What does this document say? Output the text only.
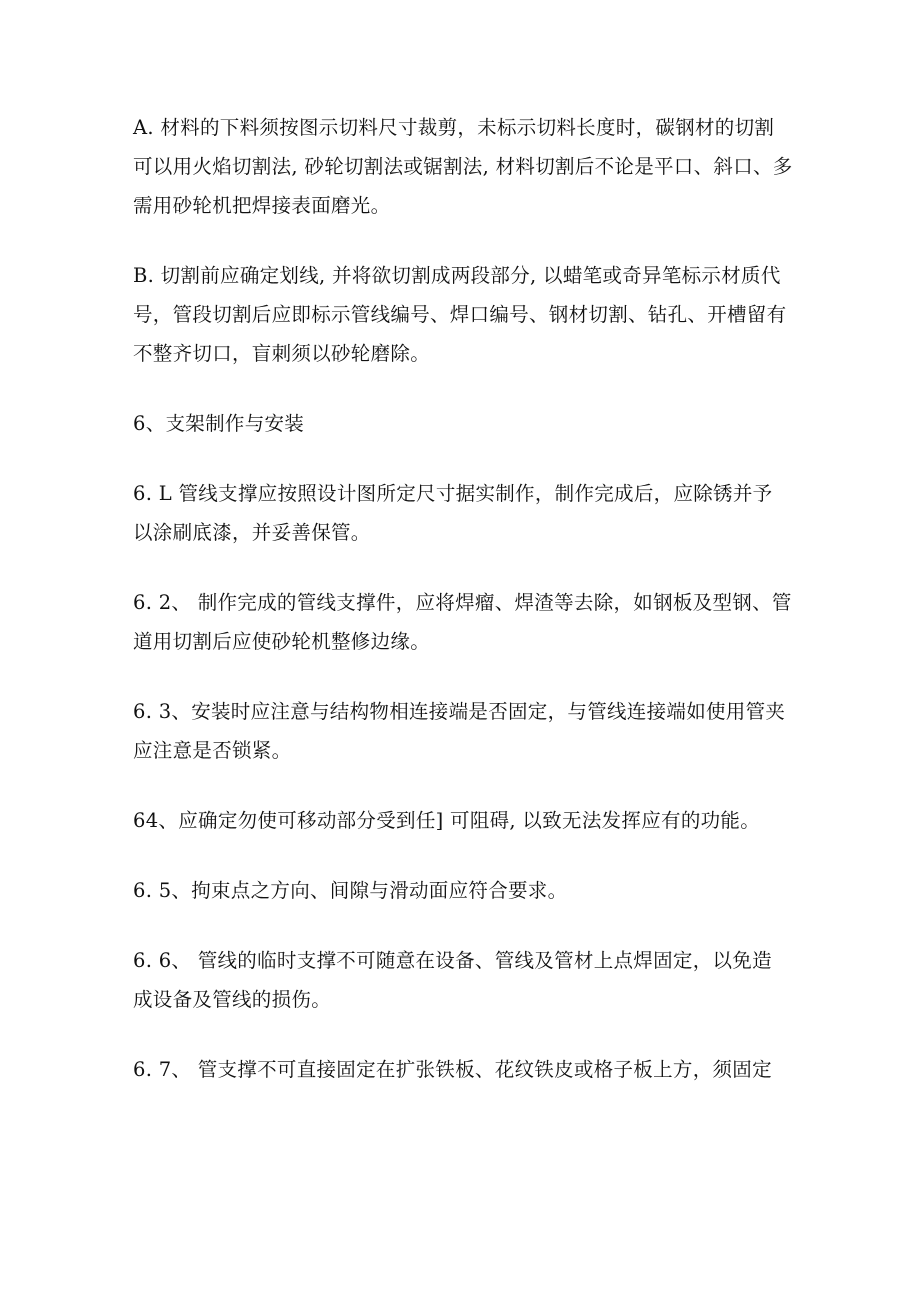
A. 材料的下料须按图示切料尺寸裁剪，未标示切料长度时，碳钢材的切割
可以用火焰切割法, 砂轮切割法或锯割法, 材料切割后不论是平口、斜口、多
需用砂轮机把焊接表面磨光。

B. 切割前应确定划线, 并将欲切割成两段部分, 以蜡笔或奇异笔标示材质代
号，管段切割后应即标示管线编号、焊口编号、钢材切割、钻孔、开槽留有
不整齐切口，盲刺须以砂轮磨除。

6、支架制作与安装

6. L 管线支撑应按照设计图所定尺寸据实制作，制作完成后，应除锈并予
以涂刷底漆，并妥善保管。

6. 2、 制作完成的管线支撑件，应将焊瘤、焊渣等去除，如钢板及型钢、管
道用切割后应使砂轮机整修边缘。

6. 3、安装时应注意与结构物相连接端是否固定，与管线连接端如使用管夹
应注意是否锁紧。

64、应确定勿使可移动部分受到任] 可阻碍, 以致无法发挥应有的功能。

6. 5、拘束点之方向、间隙与滑动面应符合要求。

6. 6、 管线的临时支撑不可随意在设备、管线及管材上点焊固定，以免造
成设备及管线的损伤。

6. 7、 管支撑不可直接固定在扩张铁板、花纹铁皮或格子板上方，须固定
